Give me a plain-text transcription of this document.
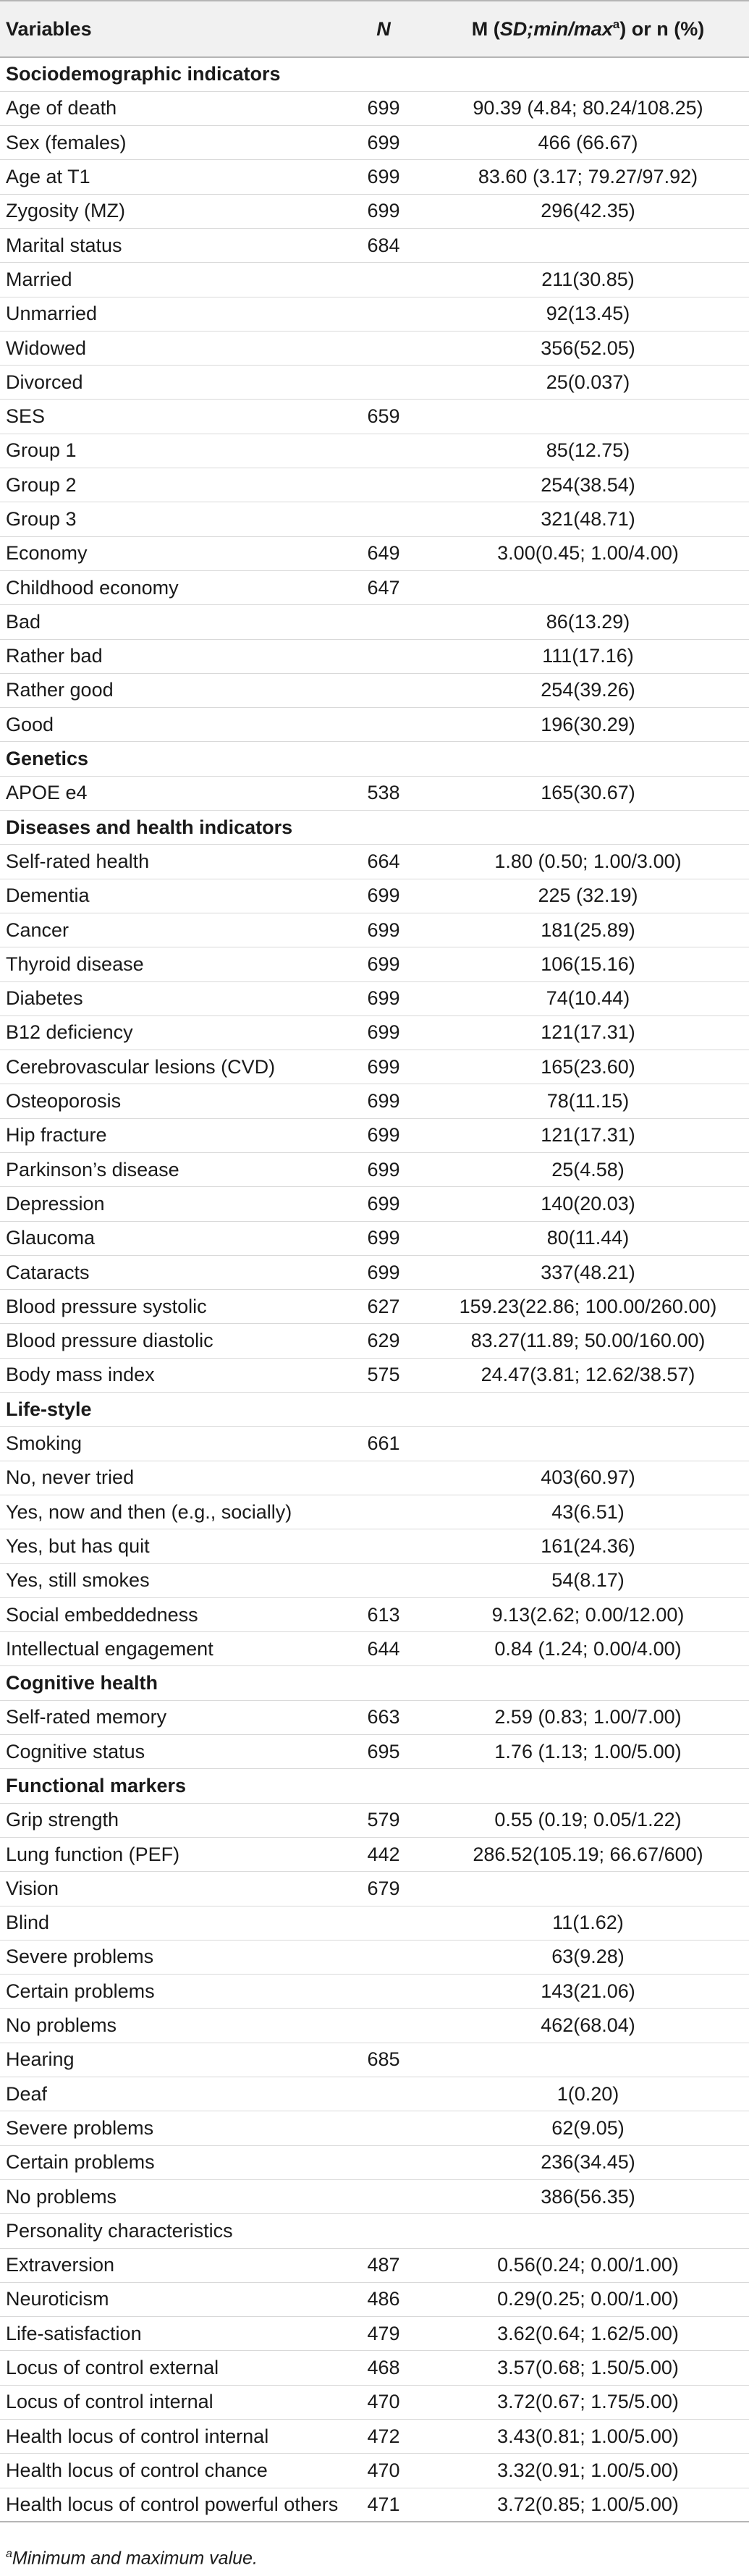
Variables	N	M $(SD;\min/\max^a)$ or n (%)
Sociodemographic indicators		
Age of death	699	90.39 (4.84; 80.24/108.25)
Sex (females)	699	466 (66.67)
Age at T1	699	83.60 (3.17; 79.27/97.92)
Zygosity (MZ)	699	296(42.35)
Marital status	684	
Married		211(30.85)
Unmarried		92(13.45)
Widowed		356(52.05)
Divorced		25(0.037)
SES	659	
Group 1		85(12.75)
Group 2		254(38.54)
Group 3		321(48.71)
Economy	649	3.00(0.45; 1.00/4.00)
Childhood economy	647	
Bad		86(13.29)
Rather bad		111(17.16)
Rather good		254(39.26)
Good		196(30.29)
Genetics		
APOE e4	538	165(30.67)
Diseases and health indicators		
Self-rated health	664	1.80 (0.50; 1.00/3.00)
Dementia	699	225 (32.19)
Cancer	699	181(25.89)
Thyroid disease	699	106(15.16)
Diabetes	699	74(10.44)
B12 deficiency	699	121(17.31)
Cerebrovascular lesions (CVD)	699	165(23.60)
Osteoporosis	699	78(11.15)
Hip fracture	699	121(17.31)
Parkinson’s disease	699	25(4.58)
Depression	699	140(20.03)
Glaucoma	699	80(11.44)
Cataracts	699	337(48.21)
Blood pressure systolic	627	159.23(22.86; 100.00/260.00)
Blood pressure diastolic	629	83.27(11.89; 50.00/160.00)
Body mass index	575	24.47(3.81; 12.62/38.57)
Life-style		
Smoking	661	
No, never tried		403(60.97)
Yes, now and then (e.g., socially)		43(6.51)
Yes, but has quit		161(24.36)
Yes, still smokes		54(8.17)
Social embeddedness	613	9.13(2.62; 0.00/12.00)
Intellectual engagement	644	0.84 (1.24; 0.00/4.00)
Cognitive health		
Self-rated memory	663	2.59 (0.83; 1.00/7.00)
Cognitive status	695	1.76 (1.13; 1.00/5.00)
Functional markers		
Grip strength	579	0.55 (0.19; 0.05/1.22)
Lung function (PEF)	442	286.52(105.19; 66.67/600)
Vision	679	
Blind		11(1.62)
Severe problems		63(9.28)
Certain problems		143(21.06)
No problems		462(68.04)
Hearing	685	
Deaf		1(0.20)
Severe problems		62(9.05)
Certain problems		236(34.45)
No problems		386(56.35)
Personality characteristics		
Extraversion	487	0.56(0.24; 0.00/1.00)
Neuroticism	486	0.29(0.25; 0.00/1.00)
Life-satisfaction	479	3.62(0.64; 1.62/5.00)
Locus of control external	468	3.57(0.68; 1.50/5.00)
Locus of control internal	470	3.72(0.67; 1.75/5.00)
Health locus of control internal	472	3.43(0.81; 1.00/5.00)
Health locus of control chance	470	3.32(0.91; 1.00/5.00)
Health locus of control powerful others	471	3.72(0.85; 1.00/5.00)
$^a$Minimum and maximum value.
